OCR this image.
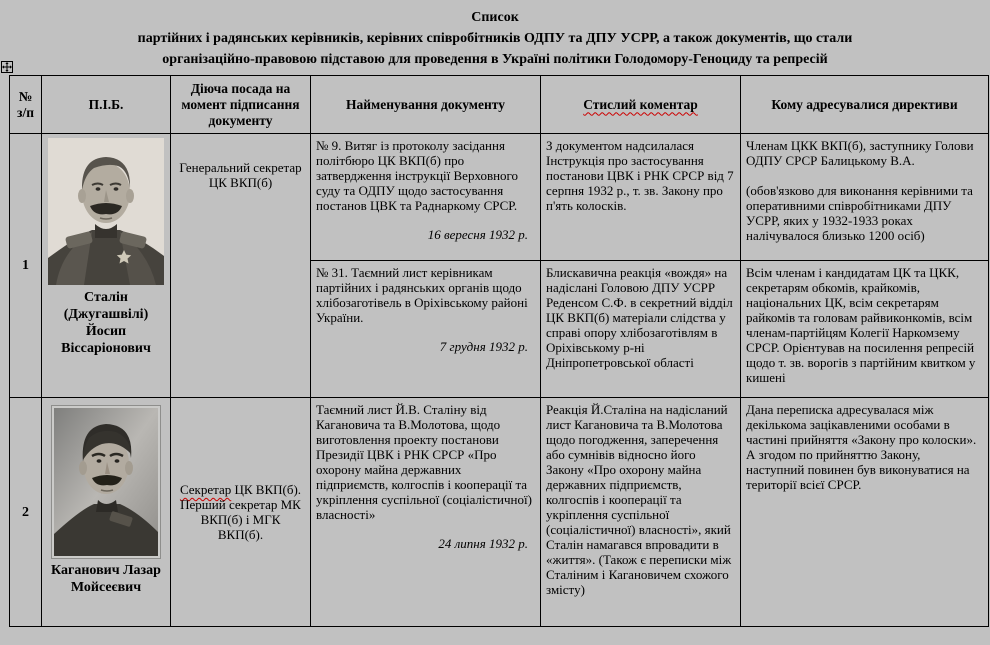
Список
партійних і радянських керівників, керівних співробітників ОДПУ та ДПУ УСРР, а також документів, що стали
організаційно-правовою підставою для проведення в Україні політики Голодомору-Геноциду та репресій
№ з/п
П.І.Б.
Діюча посада на момент підписання документу
Найменування документу	Стислий коментар	Кому адресувалися директиви
1
Сталін (Джугашвілі) Йосип Віссаріонович
Генеральний секретар ЦК ВКП(б)

№ 9. Витяг із протоколу засідання політбюро ЦК ВКП(б) про затвердження інструкції Верховного суду та ОДПУ щодо застосування постанов ЦВК та Раднаркому СРСР.

16 вересня 1932 р.

З документом надсилалася Інструкція про застосування постанови ЦВК і РНК СРСР від 7 серпня 1932 р., т. зв. Закону про п'ять колосків.

Членам ЦКК ВКП(б), заступнику Голови ОДПУ СРСР Балицькому В.А.

(обов'язково для виконання керівними та оперативними співробітниками ДПУ УСРР, яких у 1932-1933 роках налічувалося близько 1200 осіб)

№ 31. Таємний лист керівникам партійних і радянських органів щодо хлібозаготівель в Оріхівському районі України.

7 грудня 1932 р.

Блискавична реакція «вождя» на надіслані Головою ДПУ УСРР Реденсом С.Ф. в секретний відділ ЦК ВКП(б) матеріали слідства у справі опору хлібозаготівлям в Оріхівському р-ні Дніпропетровської області

Всім членам і кандидатам ЦК та ЦКК, секретарям обкомів, крайкомів, національних ЦК, всім секретарям райкомів та головам райвиконкомів, всім членам-партійцям Колегії Наркомзему СРСР. Орієнтував на посилення репресій щодо т. зв. ворогів з партійним квитком у кишені

2
Каганович Лазар Мойсеєвич
Секретар ЦК ВКП(б). Перший секретар МК ВКП(б) і МГК ВКП(б).

Таємний лист Й.В. Сталіну від Кагановича та В.Молотова, щодо виготовлення проекту постанови Президії ЦВК і РНК СРСР «Про охорону майна державних підприємств, колгоспів і кооперації та укріплення суспільної (соціалістичної) власності»

24 липня 1932 р.

Реакція Й.Сталіна на надісланий лист Кагановича та В.Молотова щодо погодження, заперечення або сумнівів відносно його Закону «Про охорону майна державних підприємств, колгоспів і кооперації та укріплення суспільної (соціалістичної) власності», який Сталін намагався впровадити в «життя». (Також є переписки між Сталіним і Кагановичем схожого змісту)

Дана переписка адресувалася між декількома зацікавленими особами в частині прийняття «Закону про колоски». А згодом по прийняттю Закону, наступний повинен був виконуватися на території всієї СРСР.
